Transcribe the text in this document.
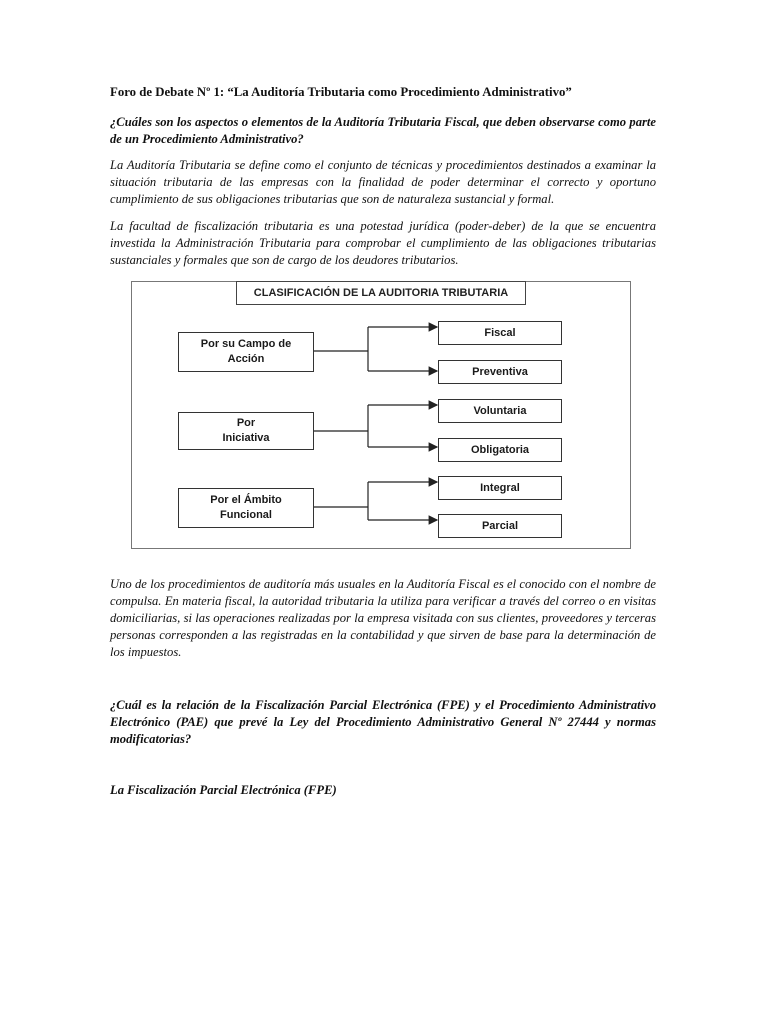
Foro de Debate Nº 1: “La Auditoría Tributaria como Procedimiento Administrativo”

¿Cuáles son los aspectos o elementos de la Auditoría Tributaria Fiscal, que deben observarse como parte de un Procedimiento Administrativo?

La Auditoría Tributaria se define como el conjunto de técnicas y procedimientos destinados a examinar la situación tributaria de las empresas con la finalidad de poder determinar el correcto y oportuno cumplimiento de sus obligaciones tributarias que son de naturaleza sustancial y formal.

La facultad de fiscalización tributaria es una potestad jurídica (poder-deber) de la que se encuentra investida la Administración Tributaria para comprobar el cumplimiento de las obligaciones tributarias sustanciales y formales que son de cargo de los deudores tributarios.

CLASIFICACIÓN DE LA AUDITORIA TRIBUTARIA
Por su Campo de
Acción
Por
Iniciativa
Por el Ámbito
Funcional
Fiscal
Preventiva
Voluntaria
Obligatoria
Integral
Parcial

Uno de los procedimientos de auditoría más usuales en la Auditoría Fiscal es el conocido con el nombre de compulsa. En materia fiscal, la autoridad tributaria la utiliza para verificar a través del correo o en visitas domiciliarias, si las operaciones realizadas por la empresa visitada con sus clientes, proveedores y terceras personas corresponden a las registradas en la contabilidad y que sirven de base para la determinación de los impuestos.

¿Cuál es la relación de la Fiscalización Parcial Electrónica (FPE) y el Procedimiento Administrativo Electrónico (PAE) que prevé la Ley del Procedimiento Administrativo General Nº 27444 y normas modificatorias?

La Fiscalización Parcial Electrónica (FPE)
